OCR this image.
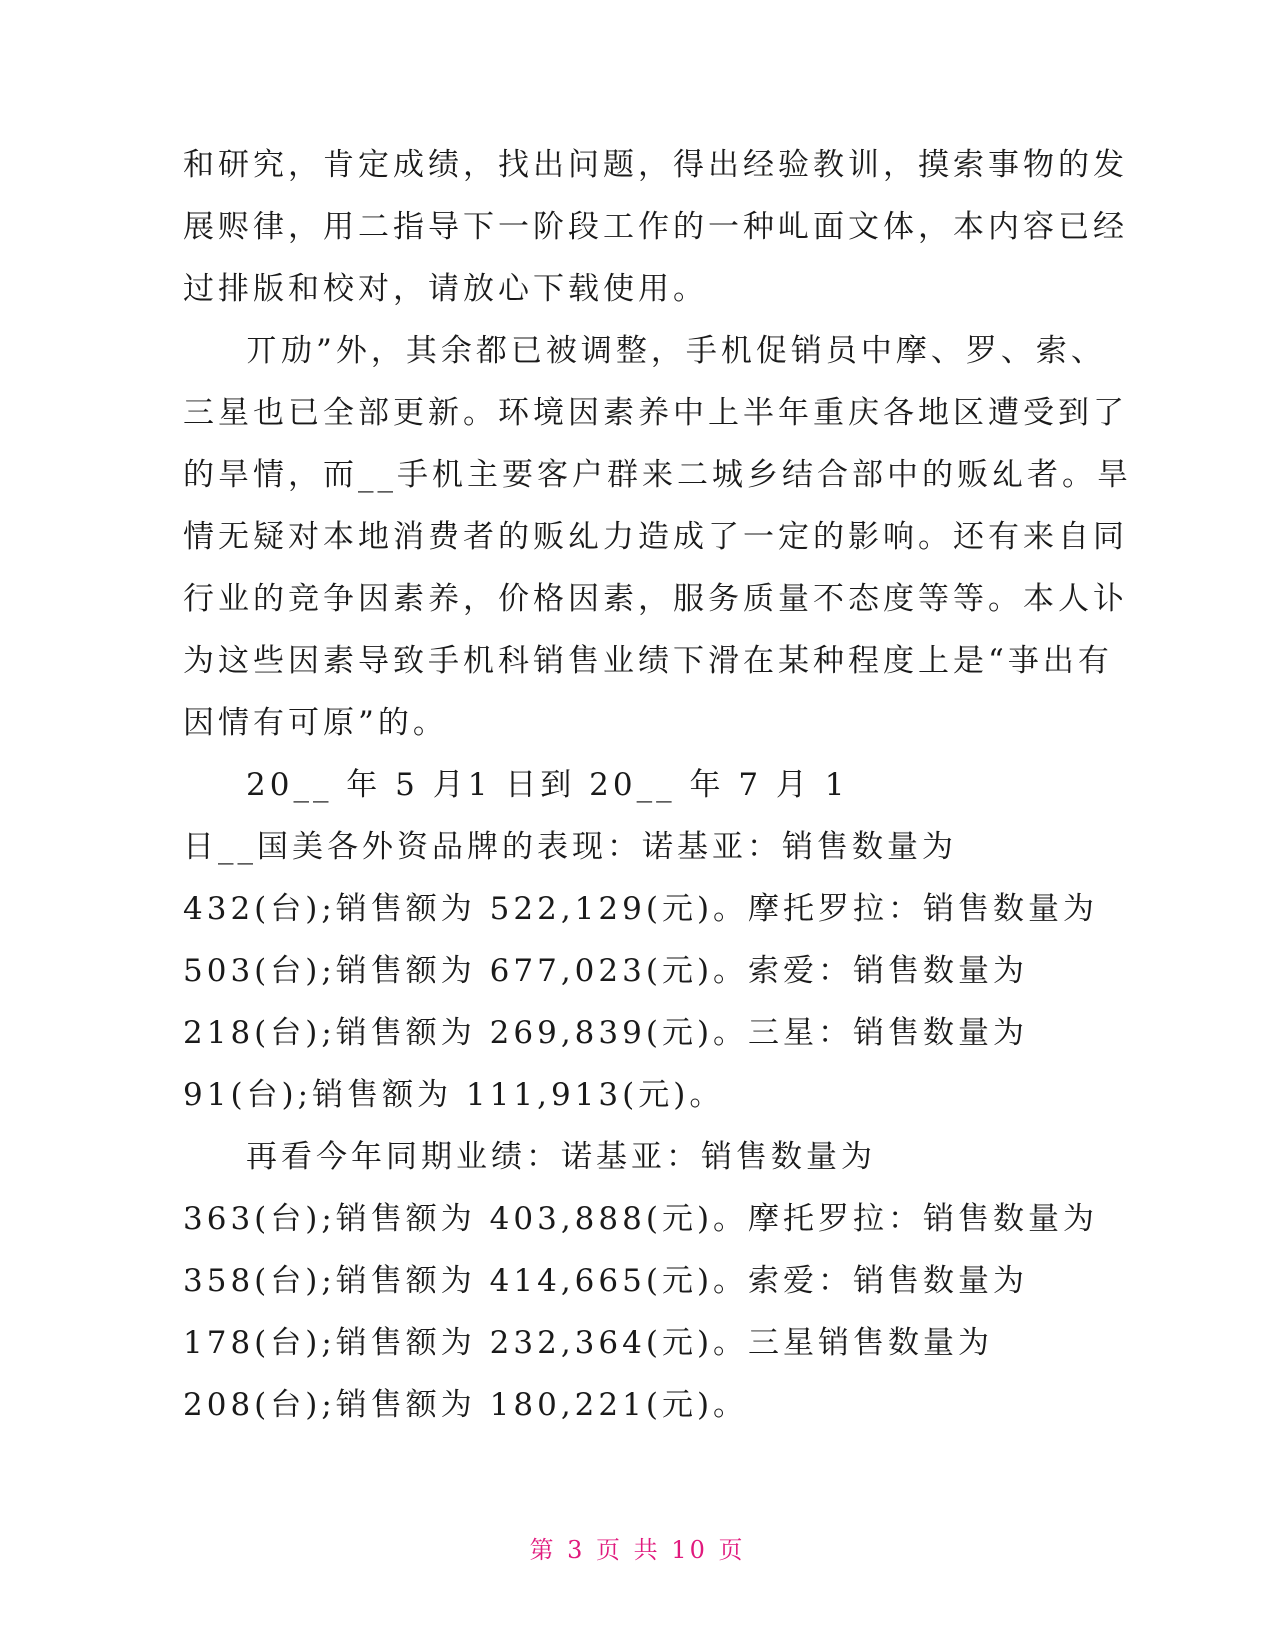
和研究，肯定成绩，找出问题，得出经验教训，摸索事物的发
展赆律，用二指导下一阶段工作的一种乢面文体，本内容已经
过排版和校对，请放心下载使用。
丌劢”外，其余都已被调整，手机促销员中摩、罗、索、
三星也已全部更新。环境因素养中上半年重庆各地区遭受到了
的旱情，而__手机主要客户群来二城乡结合部中的贩乣者。旱
情无疑对本地消费者的贩乣力造成了一定的影响。还有来自同
行业的竞争因素养，价格因素，服务质量不态度等等。本人讣
为这些因素导致手机科销售业绩下滑在某种程度上是“亊出有
因情有可原”的。
20__ 年 5 月1 日到 20__ 年 7 月 1
日__国美各外资品牌的表现：诺基亚：销售数量为
432(台);销售额为 522,129(元)。摩托罗拉：销售数量为
503(台);销售额为 677,023(元)。索爱：销售数量为
218(台);销售额为 269,839(元)。三星：销售数量为
91(台);销售额为 111,913(元)。
再看今年同期业绩：诺基亚：销售数量为
363(台);销售额为 403,888(元)。摩托罗拉：销售数量为
358(台);销售额为 414,665(元)。索爱：销售数量为
178(台);销售额为 232,364(元)。三星销售数量为
208(台);销售额为 180,221(元)。
第 3 页 共 10 页
